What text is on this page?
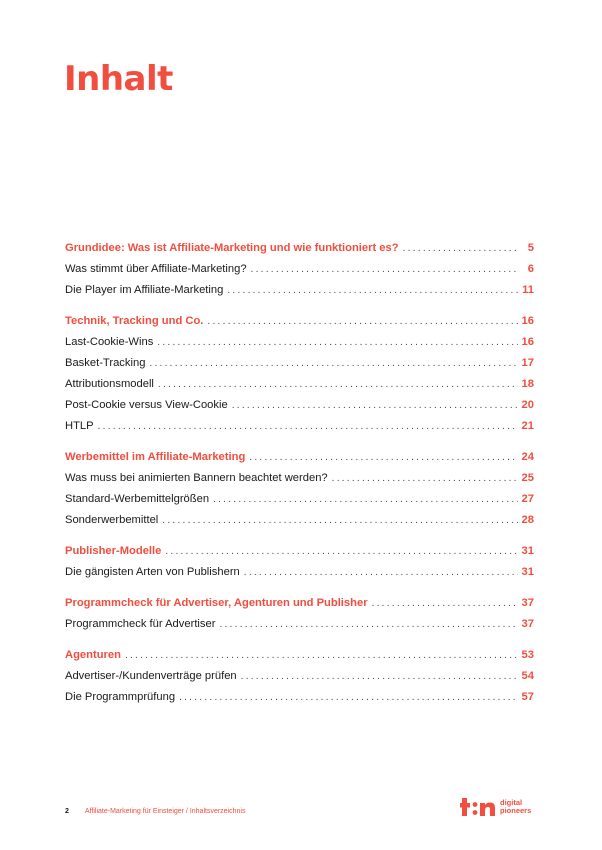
Inhalt
Grundidee: Was ist Affiliate-Marketing und wie funktioniert es? . . .	5
Was stimmt über Affiliate-Marketing? . . .	6
Die Player im Affiliate-Marketing . . .	11
Technik, Tracking und Co. . . .	16
Last-Cookie-Wins . . .	16
Basket-Tracking . . .	17
Attributionsmodell . . .	18
Post-Cookie versus View-Cookie . . .	20
HTLP . . .	21
Werbemittel im Affiliate-Marketing . . .	24
Was muss bei animierten Bannern beachtet werden? . . .	25
Standard-Werbemittelgrößen . . .	27
Sonderwerbemittel . . .	28
Publisher-Modelle . . .	31
Die gängisten Arten von Publishern . . .	31
Programmcheck für Advertiser, Agenturen und Publisher . . .	37
Programmcheck für Advertiser . . .	37
Agenturen . . .	53
Advertiser-/Kundenverträge prüfen . . .	54
Die Programmprüfung . . .	57
2 Affiliate-Marketing für Einsteiger / Inhaltsverzeichnis
digital
pioneers
